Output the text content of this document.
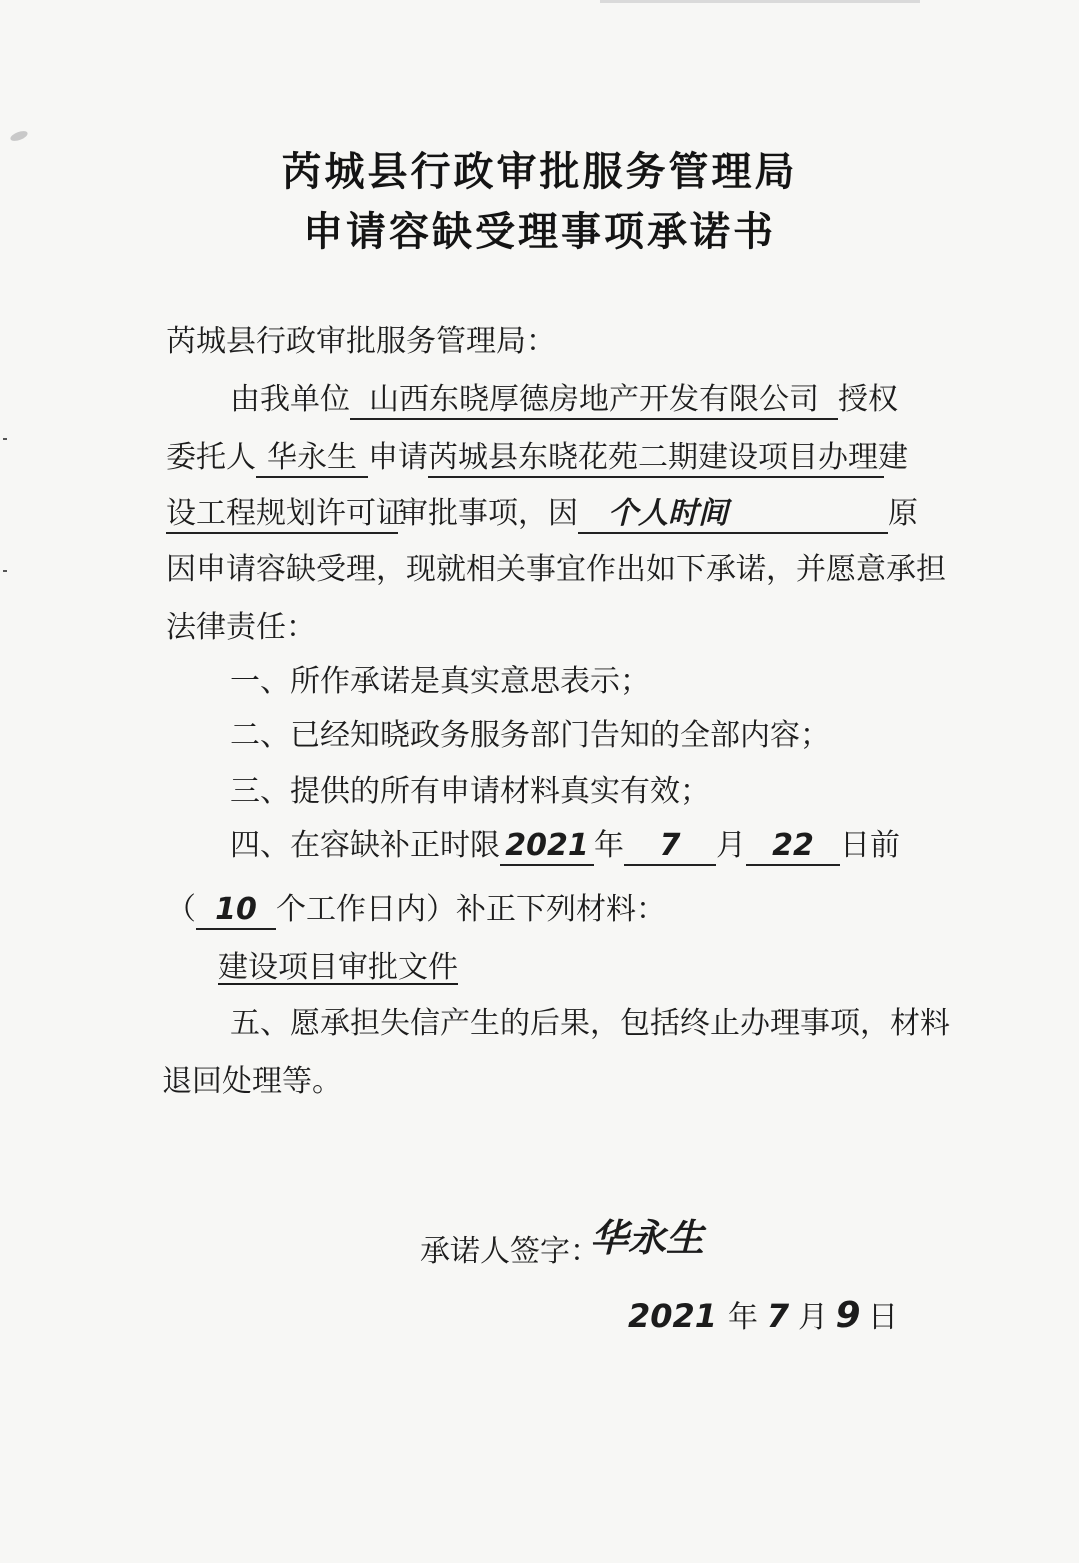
芮城县行政审批服务管理局
申请容缺受理事项承诺书
芮城县行政审批服务管理局：
由我单位 山西东晓厚德房地产开发有限公司 授权
委托人 华永生 申请芮城县东晓花苑二期建设项目办理建
设工程规划许可证审批事项，因 个人时间	原
因申请容缺受理，现就相关事宜作出如下承诺，并愿意承担
法律责任：
一、所作承诺是真实意思表示；
二、已经知晓政务服务部门告知的全部内容；
三、提供的所有申请材料真实有效；
四、在容缺补正时限 2021 年 7 月 22 日前
（ 10 个工作日内）补正下列材料：
建设项目审批文件
五、愿承担失信产生的后果，包括终止办理事项，材料
退回处理等。
承诺人签字：
华永生
2021 年 7 月 9 日
